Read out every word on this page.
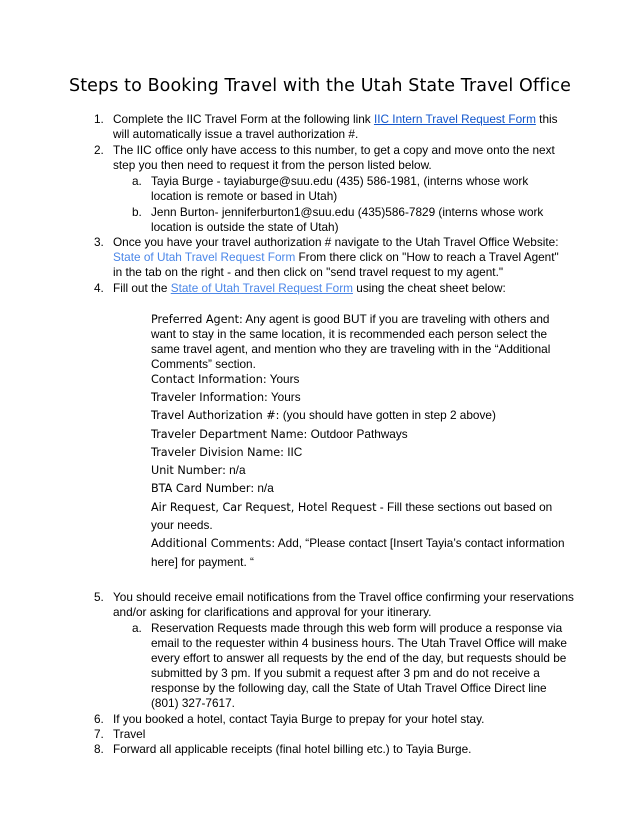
Steps to Booking Travel with the Utah State Travel Office
1. Complete the IIC Travel Form at the following link IIC Intern Travel Request Form this
will automatically issue a travel authorization #.
2. The IIC office only have access to this number, to get a copy and move onto the next
step you then need to request it from the person listed below.
a. Tayia Burge - tayiaburge@suu.edu (435) 586-1981, (interns whose work
location is remote or based in Utah)
b. Jenn Burton- jenniferburton1@suu.edu (435)586-7829 (interns whose work
location is outside the state of Utah)
3. Once you have your travel authorization # navigate to the Utah Travel Office Website:
State of Utah Travel Request Form From there click on "How to reach a Travel Agent"
in the tab on the right - and then click on "send travel request to my agent."
4. Fill out the State of Utah Travel Request Form using the cheat sheet below:
Preferred Agent: Any agent is good BUT if you are traveling with others and
want to stay in the same location, it is recommended each person select the
same travel agent, and mention who they are traveling with in the “Additional
Comments” section.
Contact Information: Yours
Traveler Information: Yours
Travel Authorization #: (you should have gotten in step 2 above)
Traveler Department Name: Outdoor Pathways
Traveler Division Name: IIC
Unit Number: n/a
BTA Card Number: n/a
Air Request, Car Request, Hotel Request - Fill these sections out based on
your needs.
Additional Comments: Add, “Please contact [Insert Tayia’s contact information
here] for payment. “
5. You should receive email notifications from the Travel office confirming your reservations
and/or asking for clarifications and approval for your itinerary.
a. Reservation Requests made through this web form will produce a response via
email to the requester within 4 business hours. The Utah Travel Office will make
every effort to answer all requests by the end of the day, but requests should be
submitted by 3 pm. If you submit a request after 3 pm and do not receive a
response by the following day, call the State of Utah Travel Office Direct line
(801) 327-7617.
6. If you booked a hotel, contact Tayia Burge to prepay for your hotel stay.
7. Travel
8. Forward all applicable receipts (final hotel billing etc.) to Tayia Burge.
